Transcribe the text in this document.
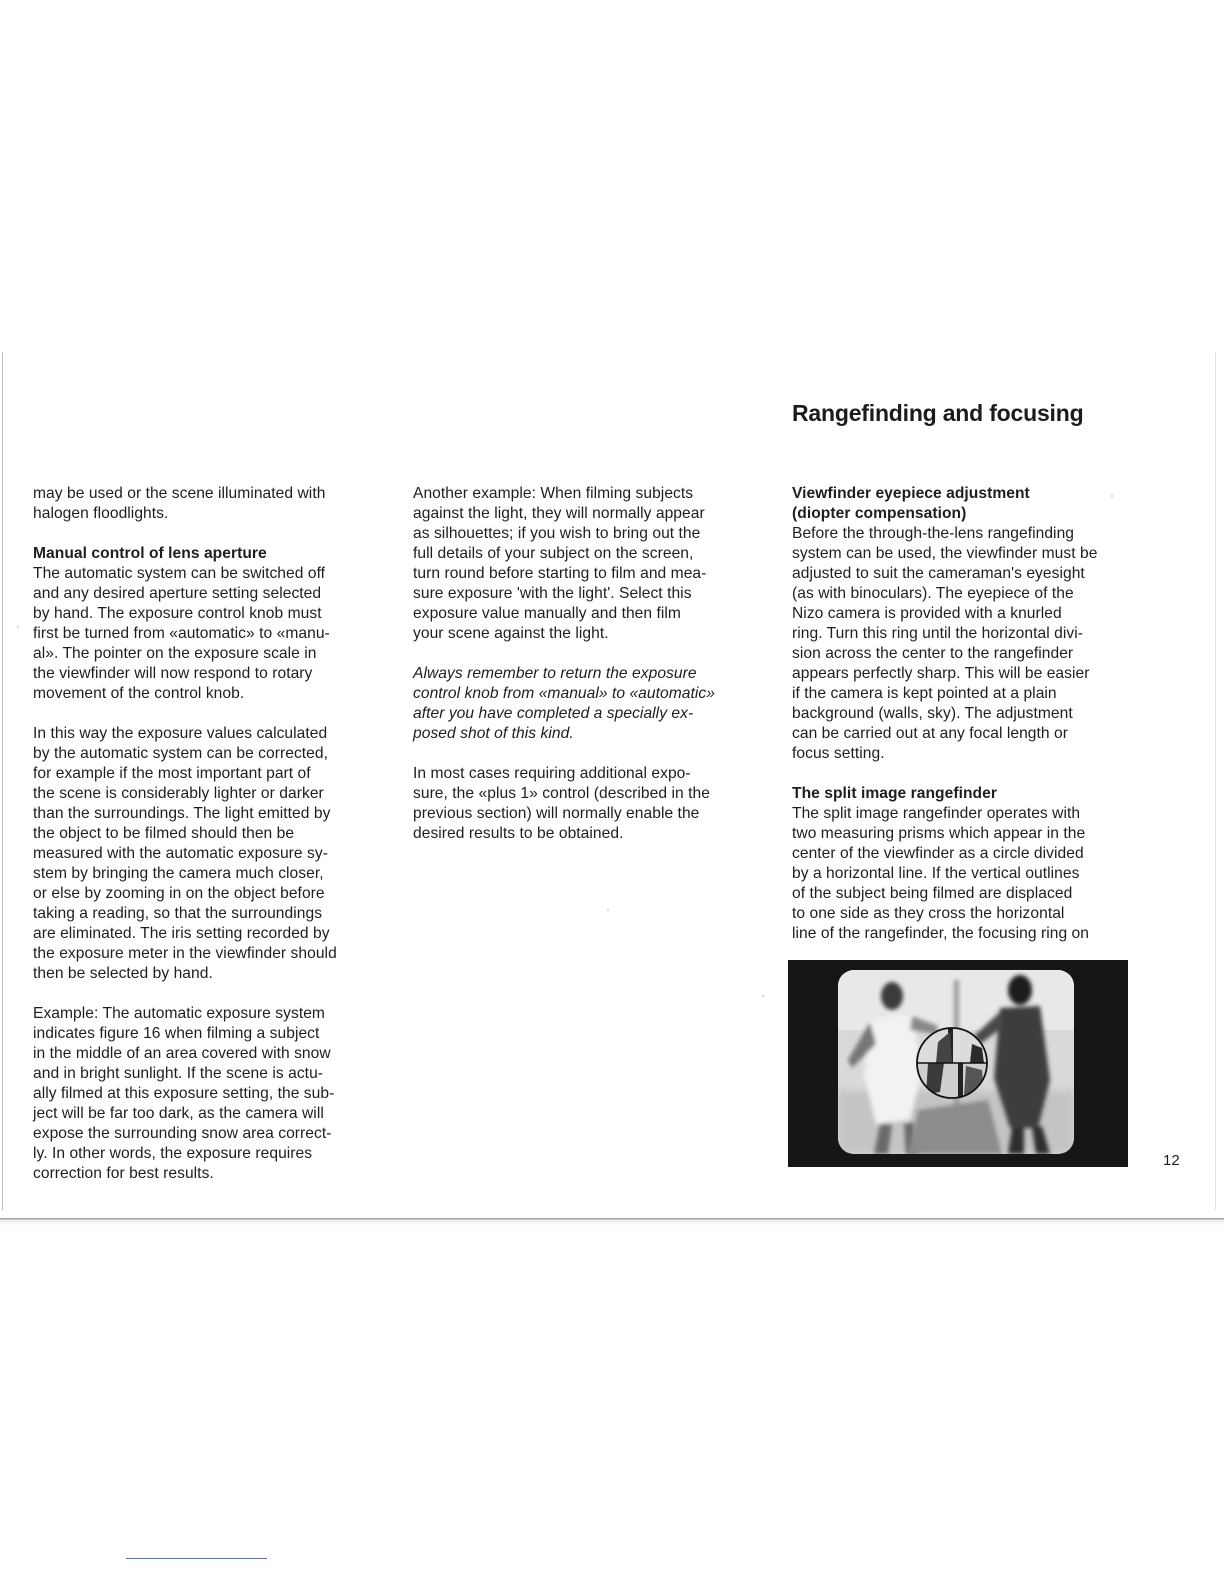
Rangefinding and focusing

may be used or the scene illuminated with
halogen floodlights.

Manual control of lens aperture

The automatic system can be switched off
and any desired aperture setting selected
by hand. The exposure control knob must
first be turned from «automatic» to «manu-
al». The pointer on the exposure scale in
the viewfinder will now respond to rotary
movement of the control knob.

In this way the exposure values calculated
by the automatic system can be corrected,
for example if the most important part of
the scene is considerably lighter or darker
than the surroundings. The light emitted by
the object to be filmed should then be
measured with the automatic exposure sy-
stem by bringing the camera much closer,
or else by zooming in on the object before
taking a reading, so that the surroundings
are eliminated. The iris setting recorded by
the exposure meter in the viewfinder should
then be selected by hand.

Example: The automatic exposure system
indicates figure 16 when filming a subject
in the middle of an area covered with snow
and in bright sunlight. If the scene is actu-
ally filmed at this exposure setting, the sub-
ject will be far too dark, as the camera will
expose the surrounding snow area correct-
ly. In other words, the exposure requires
correction for best results.

Another example: When filming subjects
against the light, they will normally appear
as silhouettes; if you wish to bring out the
full details of your subject on the screen,
turn round before starting to film and mea-
sure exposure 'with the light'. Select this
exposure value manually and then film
your scene against the light.

Always remember to return the exposure
control knob from «manual» to «automatic»
after you have completed a specially ex-
posed shot of this kind.

In most cases requiring additional expo-
sure, the «plus 1» control (described in the
previous section) will normally enable the
desired results to be obtained.

Viewfinder eyepiece adjustment
(diopter compensation)

Before the through-the-lens rangefinding
system can be used, the viewfinder must be
adjusted to suit the cameraman's eyesight
(as with binoculars). The eyepiece of the
Nizo camera is provided with a knurled
ring. Turn this ring until the horizontal divi-
sion across the center to the rangefinder
appears perfectly sharp. This will be easier
if the camera is kept pointed at a plain
background (walls, sky). The adjustment
can be carried out at any focal length or
focus setting.

The split image rangefinder

The split image rangefinder operates with
two measuring prisms which appear in the
center of the viewfinder as a circle divided
by a horizontal line. If the vertical outlines
of the subject being filmed are displaced
to one side as they cross the horizontal
line of the rangefinder, the focusing ring on

12
